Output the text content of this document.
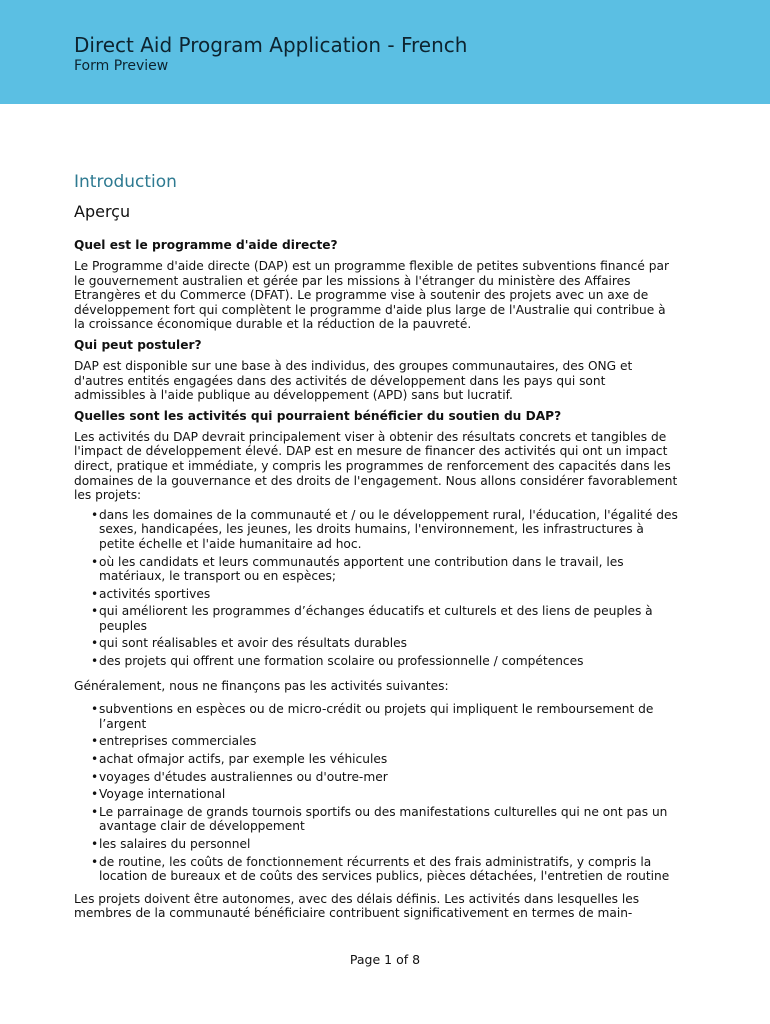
Direct Aid Program Application - French
Form Preview
Introduction
Aperçu
Quel est le programme d'aide directe?
Le Programme d'aide directe (DAP) est un programme flexible de petites subventions financé par le gouvernement australien et gérée par les missions à l'étranger du ministère des Affaires Etrangères et du Commerce (DFAT). Le programme vise à soutenir des projets avec un axe de développement fort qui complètent le programme d'aide plus large de l'Australie qui contribue à la croissance économique durable et la réduction de la pauvreté.
Qui peut postuler?
DAP est disponible sur une base à des individus, des groupes communautaires, des ONG et d'autres entités engagées dans des activités de développement dans les pays qui sont admissibles à l'aide publique au développement (APD) sans but lucratif.
Quelles sont les activités qui pourraient bénéficier du soutien du DAP?
Les activités du DAP devrait principalement viser à obtenir des résultats concrets et tangibles de l'impact de développement élevé. DAP est en mesure de financer des activités qui ont un impact direct, pratique et immédiate, y compris les programmes de renforcement des capacités dans les domaines de la gouvernance et des droits de l'engagement. Nous allons considérer favorablement les projets:
• dans les domaines de la communauté et / ou le développement rural, l'éducation, l'égalité des sexes, handicapées, les jeunes, les droits humains, l'environnement, les infrastructures à petite échelle et l'aide humanitaire ad hoc.
• où les candidats et leurs communautés apportent une contribution dans le travail, les matériaux, le transport ou en espèces;
• activités sportives
• qui améliorent les programmes d’échanges éducatifs et culturels et des liens de peuples à peuples
• qui sont réalisables et avoir des résultats durables
• des projets qui offrent une formation scolaire ou professionnelle / compétences
Généralement, nous ne finançons pas les activités suivantes:
• subventions en espèces ou de micro-crédit ou projets qui impliquent le remboursement de l’argent
• entreprises commerciales
• achat ofmajor actifs, par exemple les véhicules
• voyages d'études australiennes ou d'outre-mer
• Voyage international
• Le parrainage de grands tournois sportifs ou des manifestations culturelles qui ne ont pas un avantage clair de développement
• les salaires du personnel
• de routine, les coûts de fonctionnement récurrents et des frais administratifs, y compris la location de bureaux et de coûts des services publics, pièces détachées, l'entretien de routine
Les projets doivent être autonomes, avec des délais définis. Les activités dans lesquelles les membres de la communauté bénéficiaire contribuent significativement en termes de main-
Page 1 of 8
